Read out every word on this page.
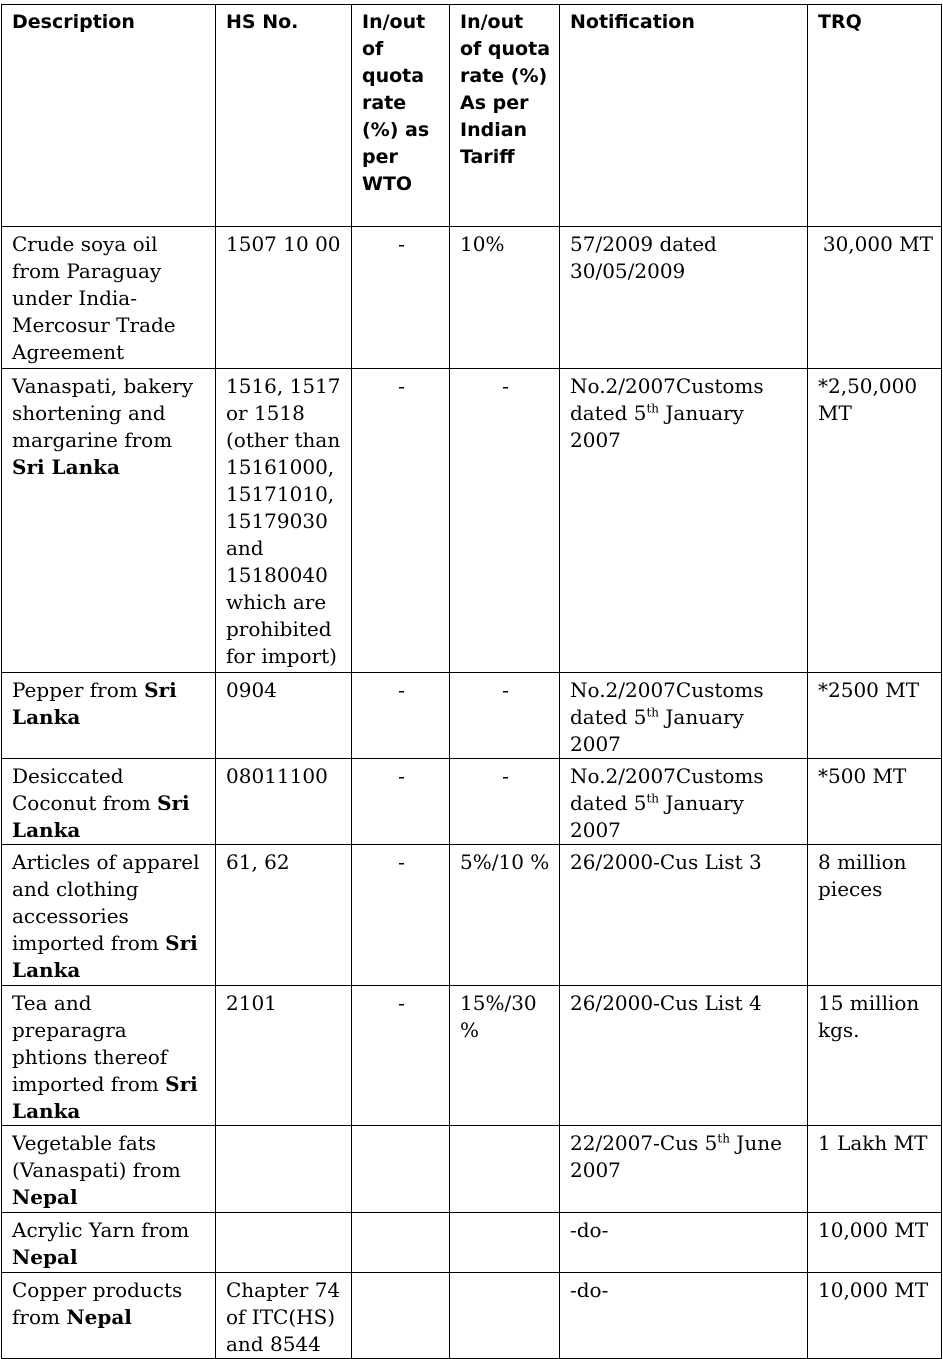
Description	HS No.	In/out of quota rate (%) as per WTO	In/out of quota rate (%) As per Indian Tariff	Notification	TRQ
Crude soya oil from Paraguay under India- Mercosur Trade Agreement	1507 10 00	-	10%	57/2009 dated 30/05/2009	30,000 MT
Vanaspati, bakery shortening and margarine from Sri Lanka	1516, 1517 or 1518 (other than 15161000, 15171010, 15179030 and 15180040 which are prohibited for import)	-	-	No.2/2007Customs dated 5th January 2007	*2,50,000 MT
Pepper from Sri Lanka	0904	-	-	No.2/2007Customs dated 5th January 2007	*2500 MT
Desiccated Coconut from Sri Lanka	08011100	-	-	No.2/2007Customs dated 5th January 2007	*500 MT
Articles of apparel and clothing accessories imported from Sri Lanka	61, 62	-	5%/10 %	26/2000-Cus List 3	8 million pieces
Tea and preparagra phtions thereof imported from Sri Lanka	2101	-	15%/30 %	26/2000-Cus List 4	15 million kgs.
Vegetable fats (Vanaspati) from Nepal				22/2007-Cus 5th June 2007	1 Lakh MT
Acrylic Yarn from Nepal				-do-	10,000 MT
Copper products from Nepal	Chapter 74 of ITC(HS) and 8544			-do-	10,000 MT
